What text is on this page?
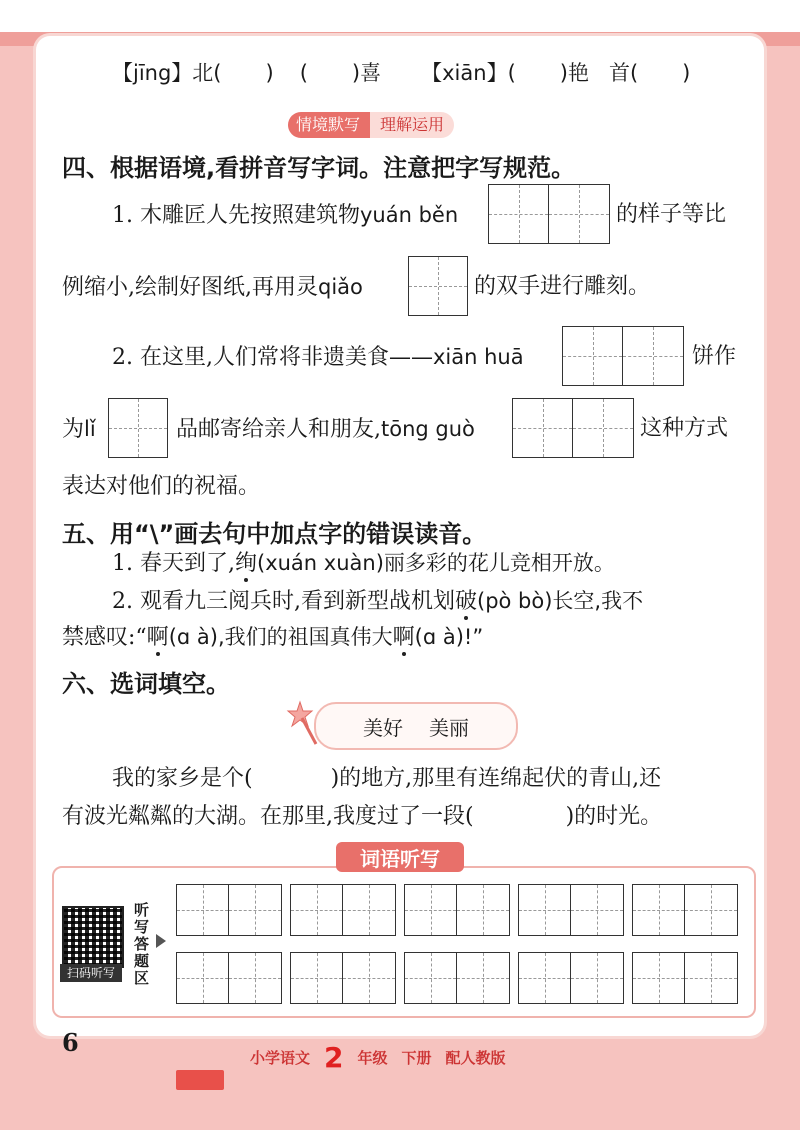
【jīng】北( ) ( )喜 【xiān】( )艳 首( )
情境默写	理解运用
四、根据语境,看拼音写字词。注意把字写规范。
1. 木雕匠人先按照建筑物yuán běn	的样子等比
例缩小,绘制好图纸,再用灵qiǎo	的双手进行雕刻。
2. 在这里,人们常将非遗美食——xiān huā	饼作
为lǐ	品邮寄给亲人和朋友,tōng guò	这种方式
表达对他们的祝福。
五、用“\”画去句中加点字的错误读音。
1. 春天到了,绚(xuán xuàn)丽多彩的花儿竞相开放。
2. 观看九三阅兵时,看到新型战机划破(pò bò)长空,我不
禁感叹:“啊(ɑ à),我们的祖国真伟大啊(ɑ à)!”
六、选词填空。
美好 美丽
我的家乡是个(	)的地方,那里有连绵起伏的青山,还
有波光粼粼的大湖。在那里,我度过了一段(	)的时光。
词语听写
扫码听写
听写答题区
6
小学语文 2 年级 下册 配人教版
